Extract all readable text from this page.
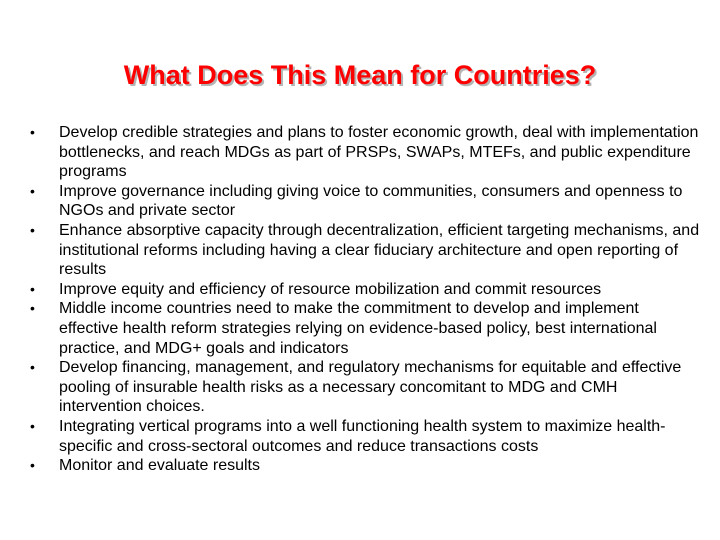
What Does This Mean for Countries?
•	Develop credible strategies and plans to foster economic growth, deal with implementation bottlenecks, and reach MDGs as part of PRSPs, SWAPs, MTEFs, and public expenditure programs
•	Improve governance including giving voice to communities, consumers and openness to NGOs and private sector
•	Enhance absorptive capacity through decentralization, efficient targeting mechanisms, and institutional reforms including having a clear fiduciary architecture and open reporting of results
•	Improve equity and efficiency of resource mobilization and commit resources
•	Middle income countries need to make the commitment to develop and implement effective health reform strategies relying on evidence-based policy, best international practice, and MDG+ goals and indicators
•	Develop financing, management, and regulatory mechanisms for equitable and effective pooling of insurable health risks as a necessary concomitant to MDG and CMH intervention choices.
•	Integrating vertical programs into a well functioning health system to maximize health-specific and cross-sectoral outcomes and reduce transactions costs
•	Monitor and evaluate results
